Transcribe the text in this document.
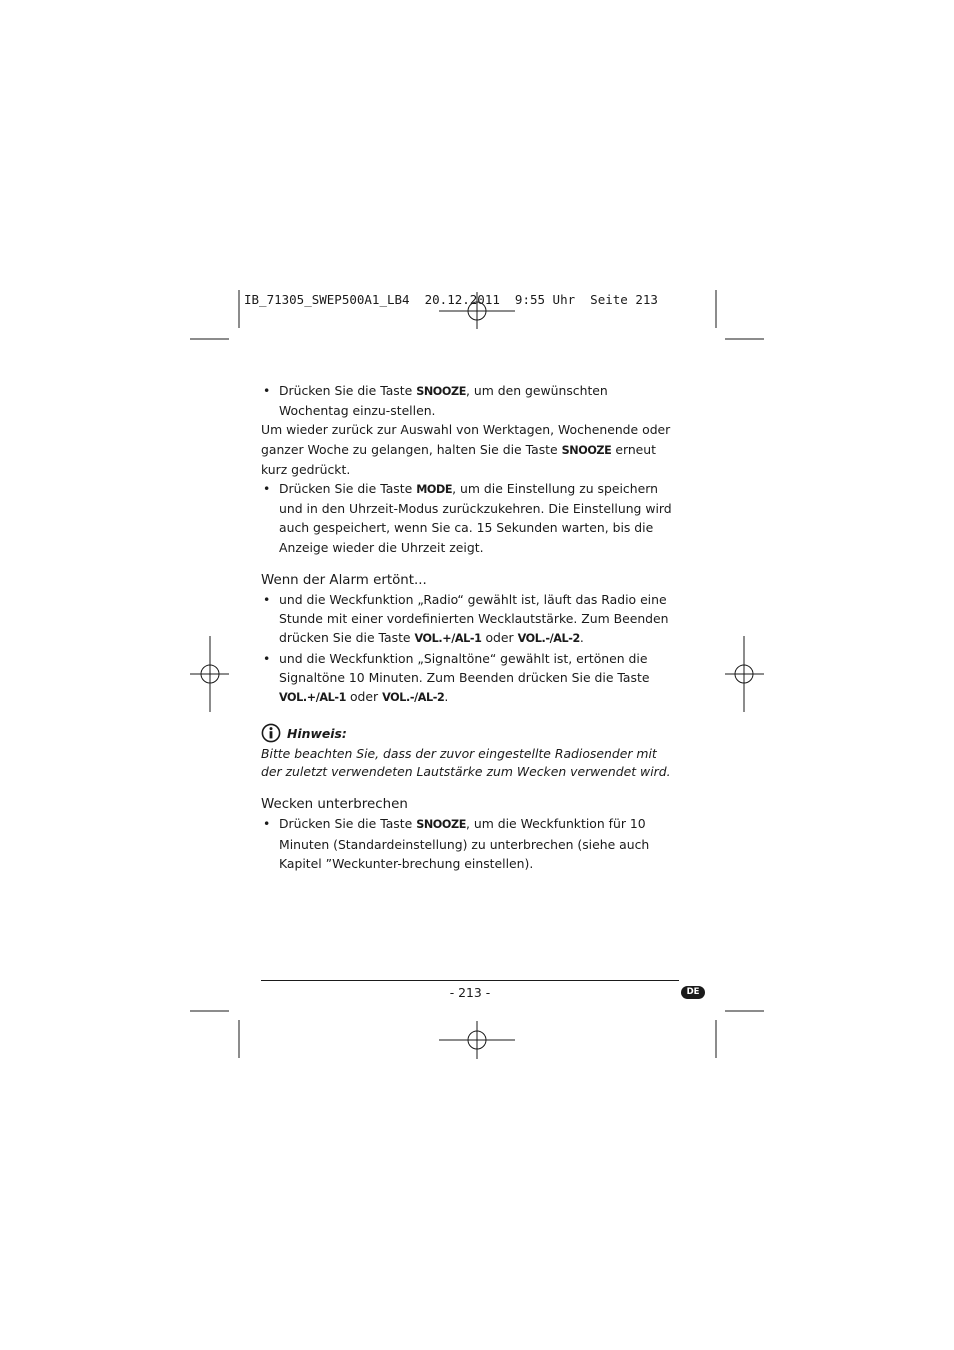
IB_71305_SWEP500A1_LB4  20.12.2011  9:55 Uhr  Seite 213

• Drücken Sie die Taste SNOOZE, um den gewünschten Wochentag einzu-stellen.

Um wieder zurück zur Auswahl von Werktagen, Wochenende oder ganzer Woche zu gelangen, halten Sie die Taste SNOOZE erneut kurz gedrückt.

• Drücken Sie die Taste MODE, um die Einstellung zu speichern und in den Uhrzeit-Modus zurückzukehren. Die Einstellung wird auch gespeichert, wenn Sie ca. 15 Sekunden warten, bis die Anzeige wieder die Uhrzeit zeigt.

Wenn der Alarm ertönt...

• und die Weckfunktion „Radio“ gewählt ist, läuft das Radio eine Stunde mit einer vordefinierten Wecklautstärke. Zum Beenden drücken Sie die Taste VOL.+/AL-1 oder VOL.-/AL-2.

• und die Weckfunktion „Signaltöne“ gewählt ist, ertönen die Signaltöne 10 Minuten. Zum Beenden drücken Sie die Taste VOL.+/AL-1 oder VOL.-/AL-2.

Hinweis:

Bitte beachten Sie, dass der zuvor eingestellte Radiosender mit der zuletzt verwendeten Lautstärke zum Wecken verwendet wird.

Wecken unterbrechen

• Drücken Sie die Taste SNOOZE, um die Weckfunktion für 10 Minuten (Standardeinstellung) zu unterbrechen (siehe auch Kapitel ”Weckunter-brechung einstellen).

- 213 -	DE
